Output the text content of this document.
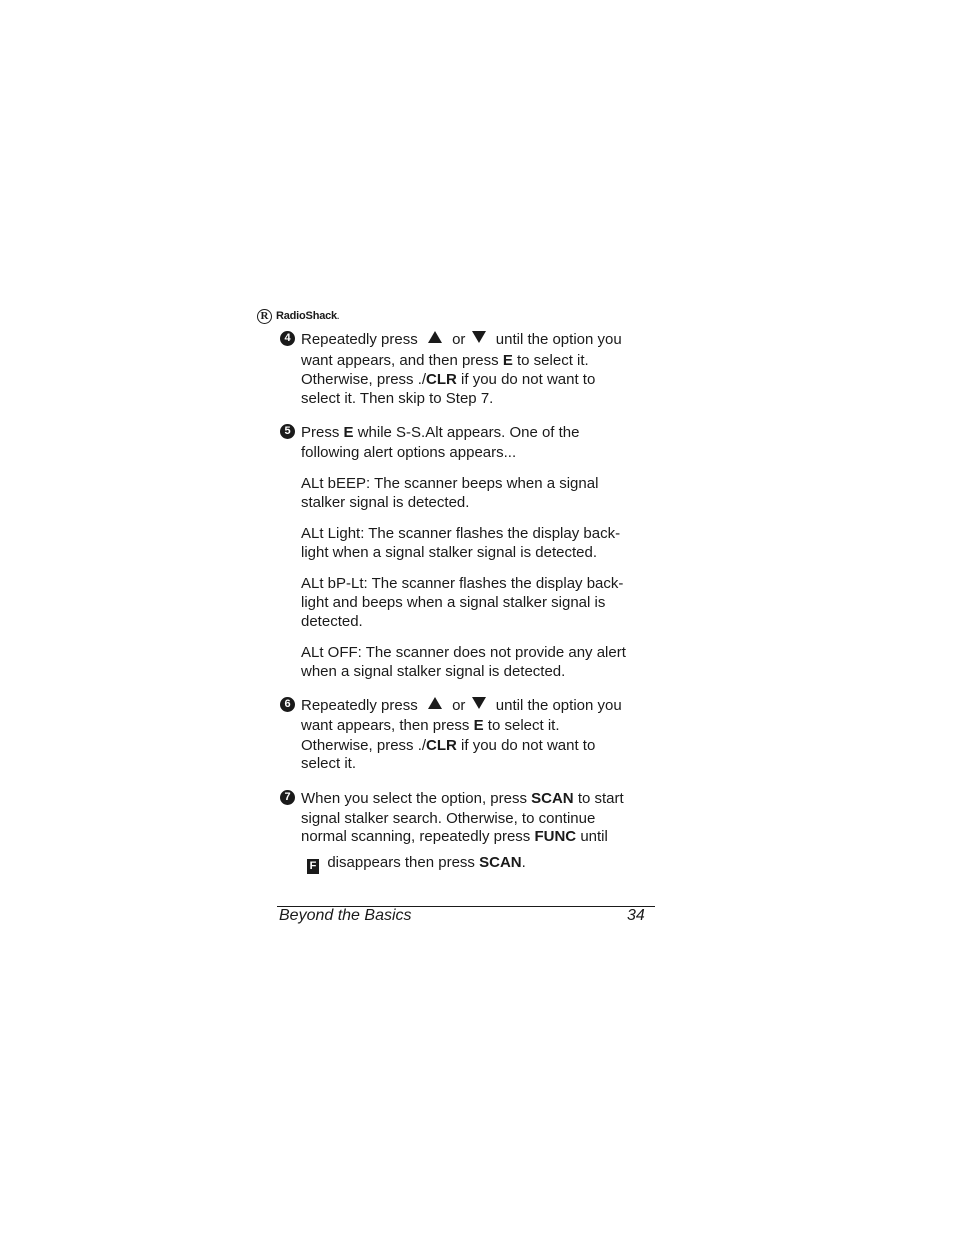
R RadioShack.
4 Repeatedly press or until the option you
want appears, and then press E to select it.
Otherwise, press ./CLR if you do not want to
select it. Then skip to Step 7.
5 Press E while S-S.Alt appears. One of the
following alert options appears...
ALt bEEP: The scanner beeps when a signal
stalker signal is detected.
ALt Light: The scanner flashes the display back-
light when a signal stalker signal is detected.
ALt bP-Lt: The scanner flashes the display back-
light and beeps when a signal stalker signal is
detected.
ALt OFF: The scanner does not provide any alert
when a signal stalker signal is detected.
6 Repeatedly press or until the option you
want appears, then press E to select it.
Otherwise, press ./CLR if you do not want to
select it.
7 When you select the option, press SCAN to start
signal stalker search. Otherwise, to continue
normal scanning, repeatedly press FUNC until
F disappears then press SCAN.
Beyond the Basics	34
